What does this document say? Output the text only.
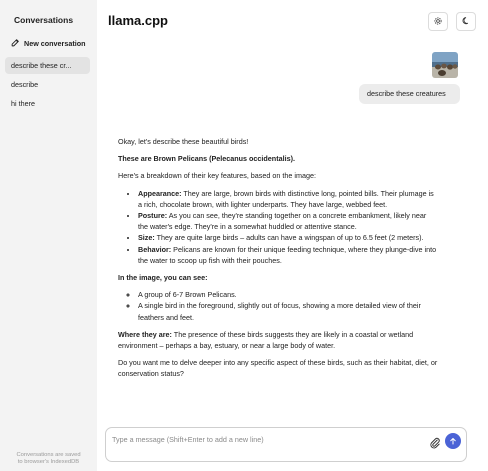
Conversations
New conversation
describe these cr...
describe
hi there
Conversations are saved
to browser's IndexedDB
llama.cpp
describe these creatures

Okay, let's describe these beautiful birds!

These are Brown Pelicans (Pelecanus occidentalis).

Here's a breakdown of their key features, based on the image:

• Appearance: They are large, brown birds with distinctive long, pointed bills. Their plumage is a rich, chocolate brown, with lighter underparts. They have large, webbed feet.
• Posture: As you can see, they're standing together on a concrete embankment, likely near the water's edge. They're in a somewhat huddled or attentive stance.
• Size: They are quite large birds – adults can have a wingspan of up to 6.5 feet (2 meters).
• Behavior: Pelicans are known for their unique feeding technique, where they plunge-dive into the water to scoop up fish with their pouches.

In the image, you can see:

◦ A group of 6-7 Brown Pelicans.
◦ A single bird in the foreground, slightly out of focus, showing a more detailed view of their feathers and feet.

Where they are: The presence of these birds suggests they are likely in a coastal or wetland environment – perhaps a bay, estuary, or near a large body of water.

Do you want me to delve deeper into any specific aspect of these birds, such as their habitat, diet, or conservation status?

Type a message (Shift+Enter to add a new line)
